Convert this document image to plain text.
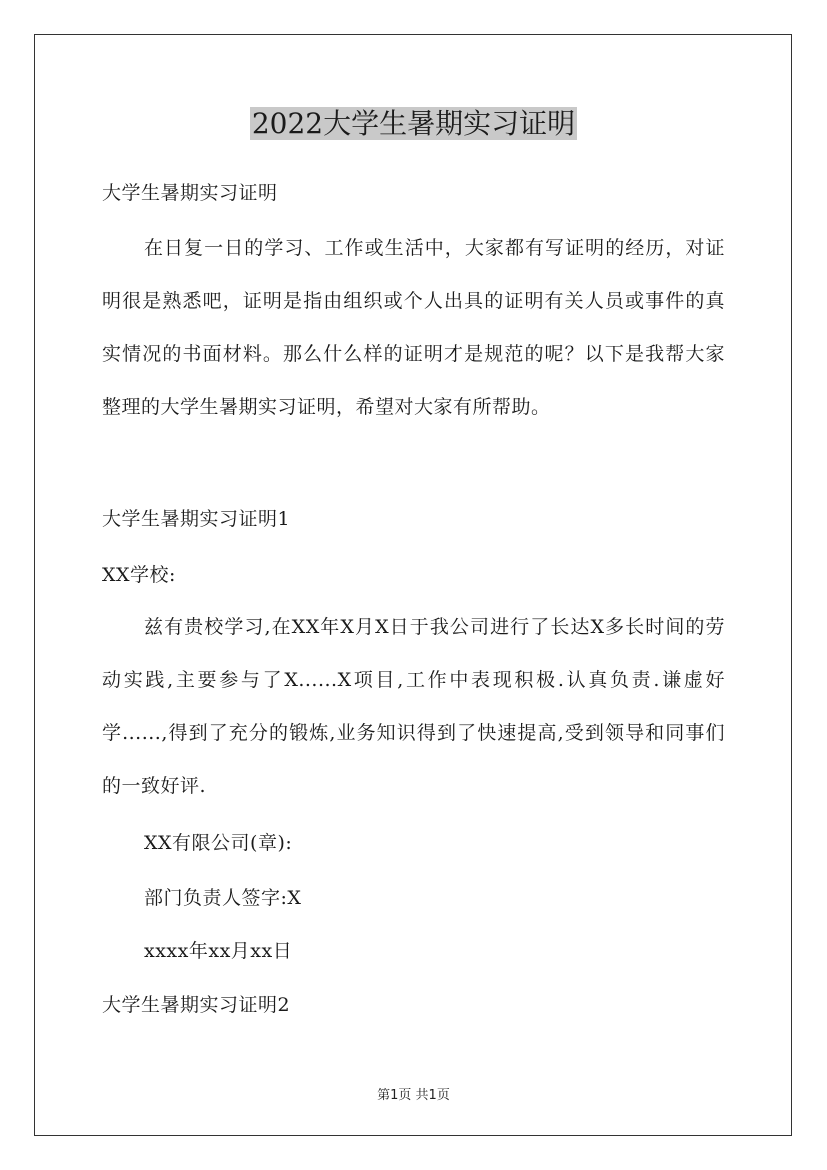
2022大学生暑期实习证明
大学生暑期实习证明
在日复一日的学习、工作或生活中，大家都有写证明的经历，对证明很是熟悉吧，证明是指由组织或个人出具的证明有关人员或事件的真实情况的书面材料。那么什么样的证明才是规范的呢？以下是我帮大家整理的大学生暑期实习证明，希望对大家有所帮助。
大学生暑期实习证明1
XX学校:
兹有贵校学习,在XX年X月X日于我公司进行了长达X多长时间的劳动实践,主要参与了X......X项目,工作中表现积极.认真负责.谦虚好学......,得到了充分的锻炼,业务知识得到了快速提高,受到领导和同事们的一致好评.
XX有限公司(章):
部门负责人签字:X
xxxx年xx月xx日
大学生暑期实习证明2
第1页 共1页
